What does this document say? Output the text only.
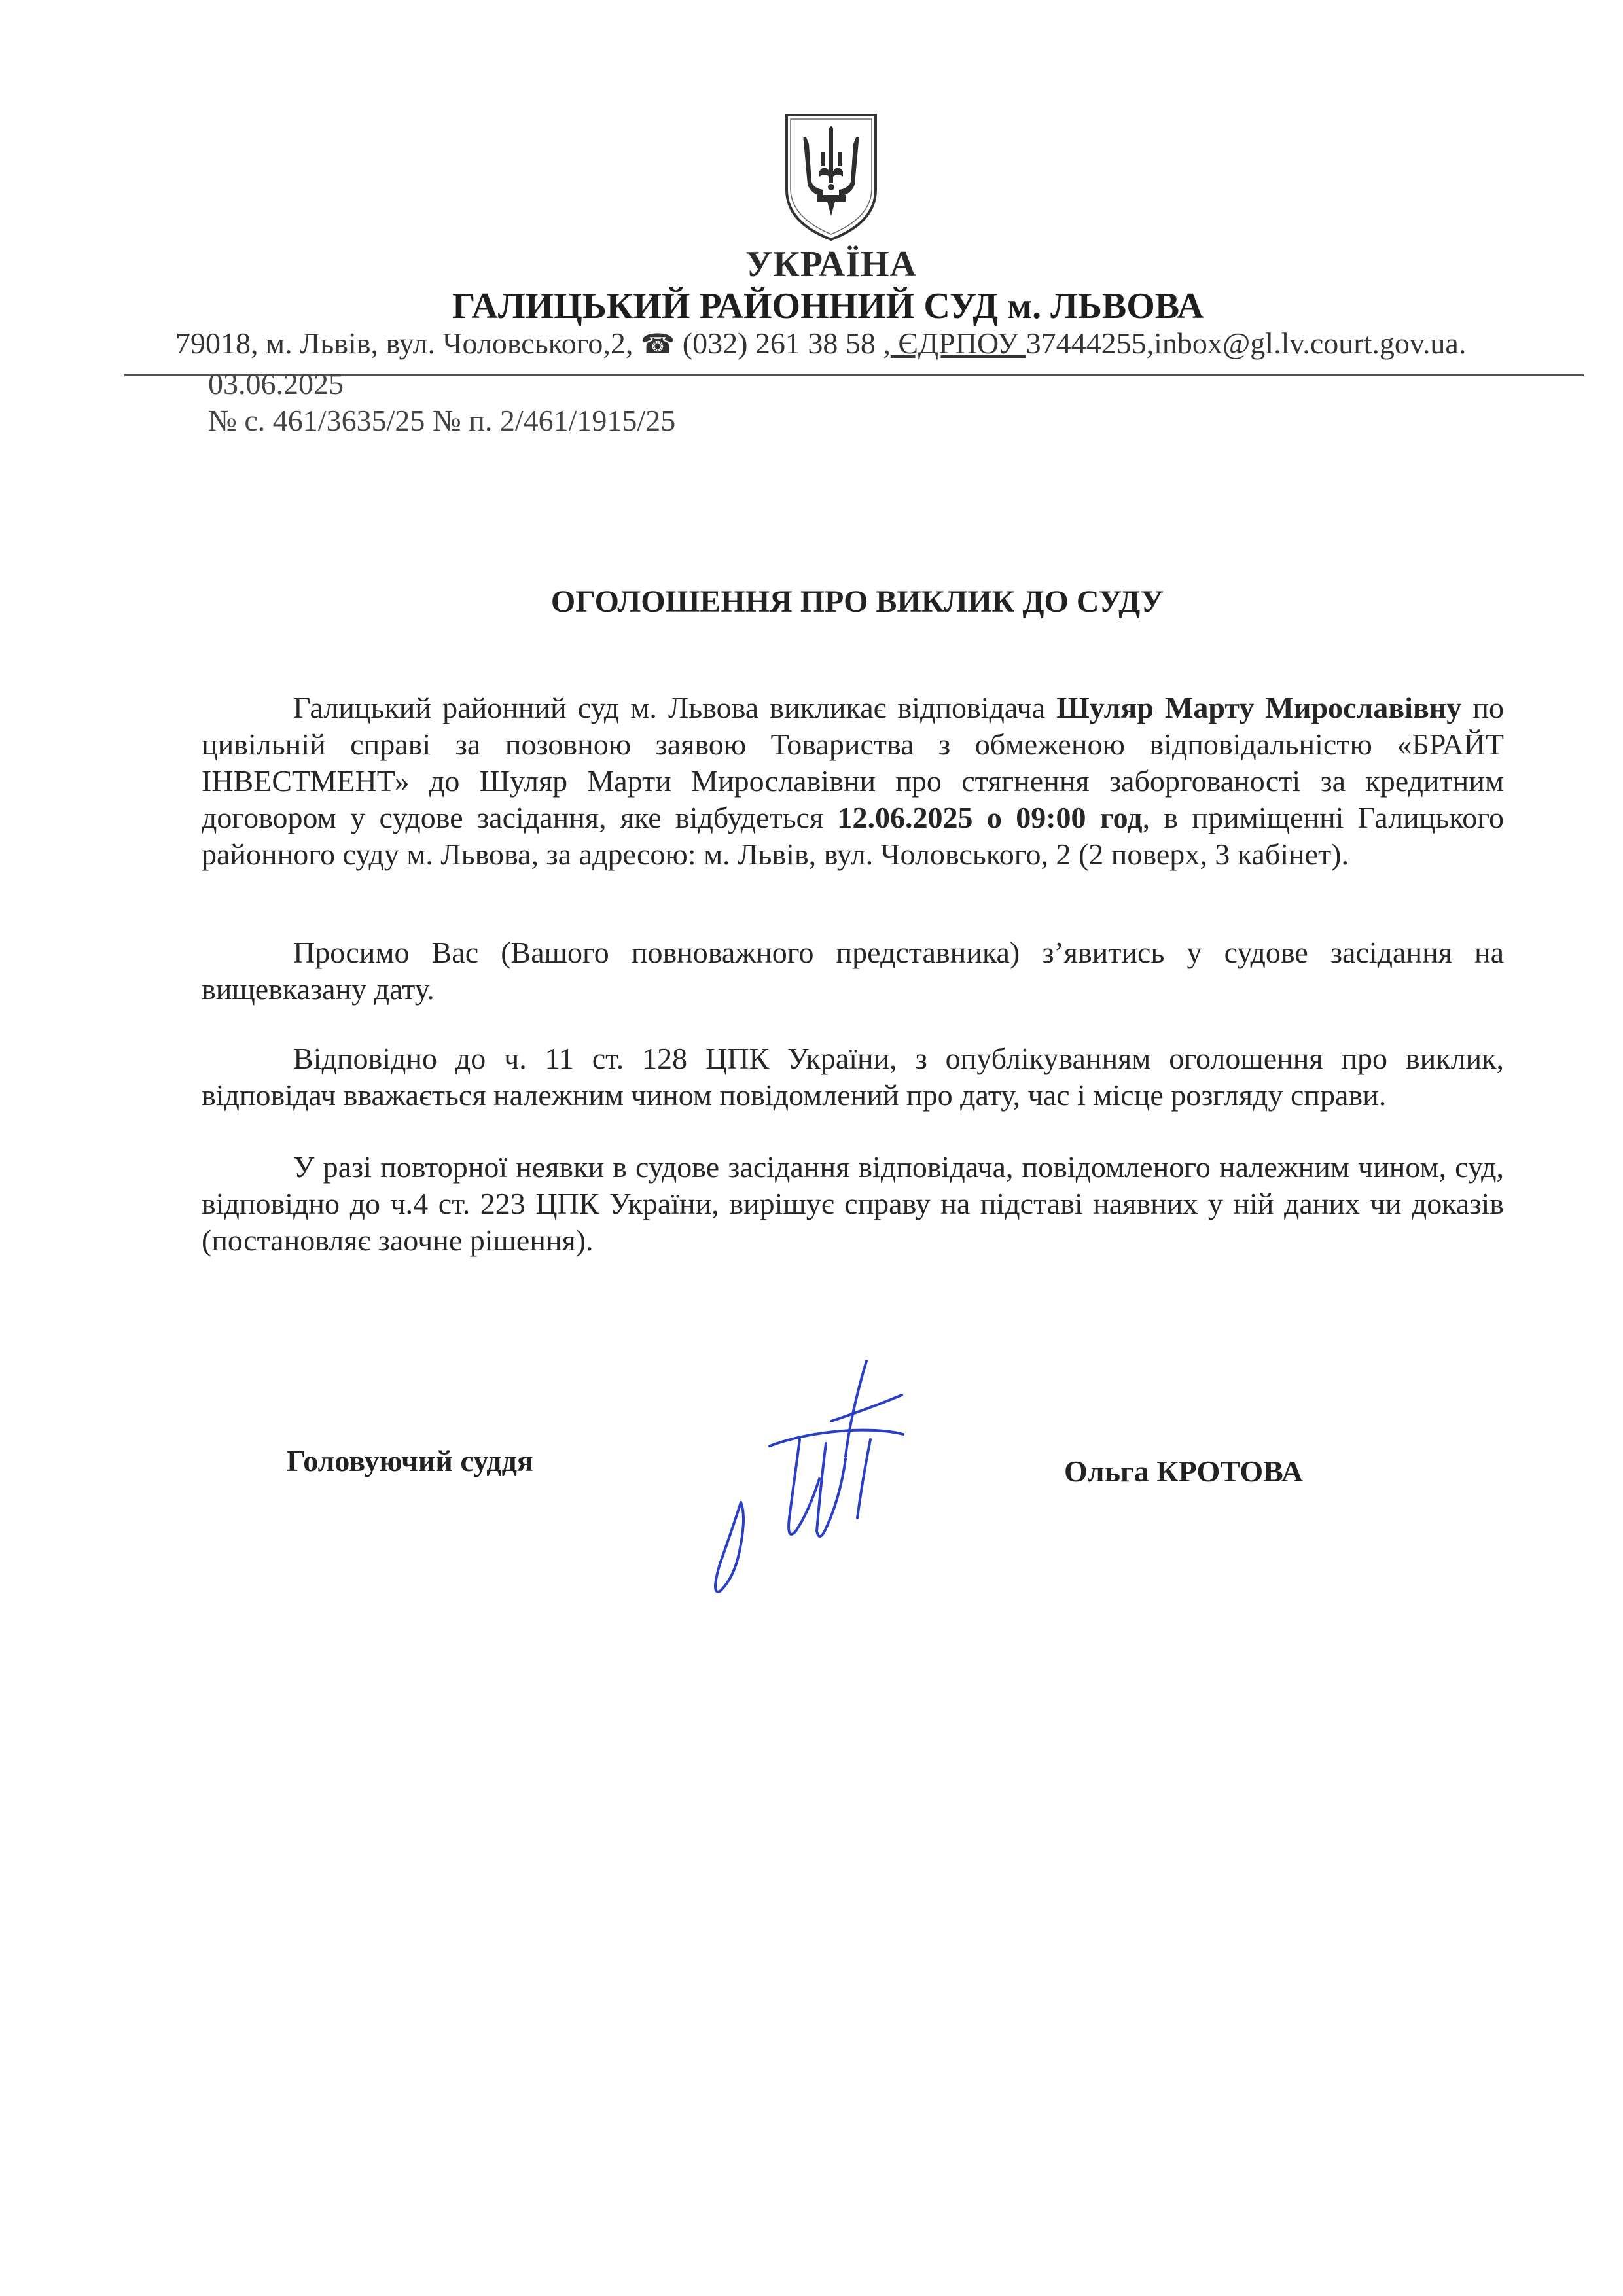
УКРАЇНА
ГАЛИЦЬКИЙ РАЙОННИЙ СУД м. ЛЬВОВА
79018, м. Львів, вул. Чоловського,2, ☎ (032) 261 38 58 , ЄДРПОУ 37444255,inbox@gl.lv.court.gov.ua.
03.06.2025
№ с. 461/3635/25 № п. 2/461/1915/25
ОГОЛОШЕННЯ ПРО ВИКЛИК ДО СУДУ
Галицький районний суд м. Львова викликає відповідача Шуляр Марту Мирославівну по цивільній справі за позовною заявою Товариства з обмеженою відповідальністю «БРАЙТ ІНВЕСТМЕНТ» до Шуляр Марти Мирославівни про стягнення заборгованості за кредитним договором у судове засідання, яке відбудеться 12.06.2025 о 09:00 год, в приміщенні Галицького районного суду м. Львова, за адресою: м. Львів, вул. Чоловського, 2 (2 поверх, 3 кабінет).
Просимо Вас (Вашого повноважного представника) з’явитись у судове засідання на вищевказану дату.
Відповідно до ч. 11 ст. 128 ЦПК України, з опублікуванням оголошення про виклик, відповідач вважається належним чином повідомлений про дату, час і місце розгляду справи.
У разі повторної неявки в судове засідання відповідача, повідомленого належним чином, суд, відповідно до ч.4 ст. 223 ЦПК України, вирішує справу на підставі наявних у ній даних чи доказів (постановляє заочне рішення).
Головуючий суддя	Ольга КРОТОВА
